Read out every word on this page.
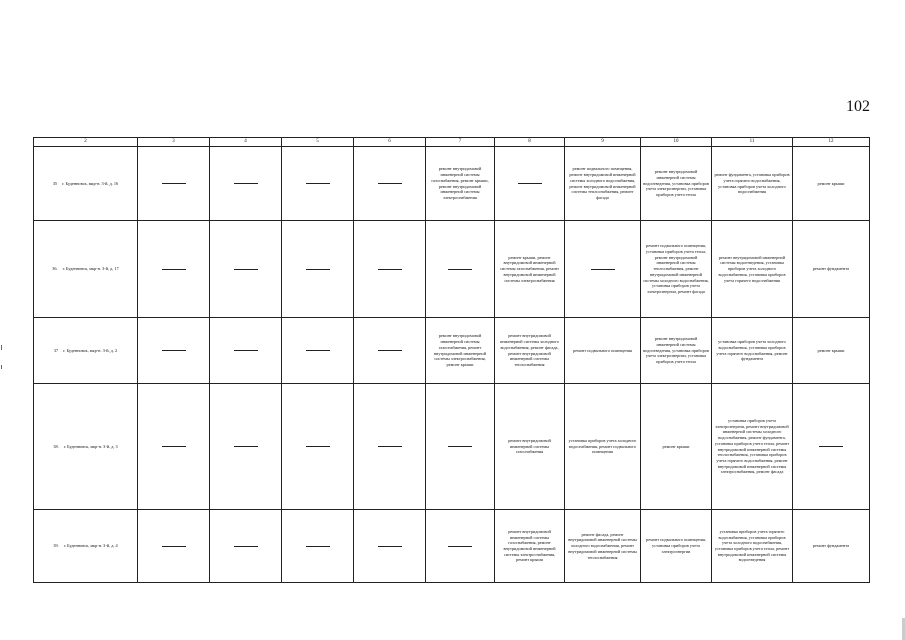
102
2	3	4	5	6	7	8	9	10	11	12
35 г. Буденновск, мкр-н. 3-й, д. 16					ремонт внутридомовой инженерной системы газоснабжения, ремонт крыши, ремонт внутридомовой инженерной системы электроснабжения		ремонт подвального помещения, ремонт внутридомовой инженерной системы холодного водоснабжения, ремонт внутридомовой инженерной системы теплоснабжения, ремонт фасада	ремонт внутридомовой инженерной системы водоотведения, установка приборов учета электроэнергии, установка приборов учета тепла	ремонт фундамента, установка приборов учета горячего водоснабжения, установка приборов учета холодного водоснабжения	ремонт крыши
36. г. Буденновск, мкр-н. 3-й, д. 17						ремонт крыши, ремонт внутридомовой инженерной системы газоснабжения, ремонт внутридомовой инженерной системы электроснабжения		ремонт подвального помещения, установка приборов учета тепла, ремонт внутридомовой инженерной системы теплоснабжения, ремонт внутридомовой инженерной системы холодного водоснабжения, установка приборов учета электроэнергии, ремонт фасада	ремонт внутридомовой инженерной системы водоотведения, установка приборов учета холодного водоснабжения, установка приборов учета горячего водоснабжения	ремонт фундамента
37 г. Буденновск, мкр-н. 3-й, д. 2					ремонт внутридомовой инженерной системы газоснабжения, ремонт внутридомовой инженерной системы электроснабжения, ремонт крыши	ремонт внутридомовой инженерной системы холодного водоснабжения, ремонт фасада, ремонт внутридомовой инженерной системы теплоснабжения	ремонт подвального помещения	ремонт внутридомовой инженерной системы водоотведения, установка приборов учета электроэнергии, установка приборов учета тепла	установка приборов учета холодного водоснабжения, установка приборов учета горячего водоснабжения, ремонт фундамента	ремонт крыши
38. г. Буденновск, мкр-н. 3-й, д. 3						ремонт внутридомовой инженерной системы газоснабжения	установка приборов учета холодного водоснабжения, ремонт подвального помещения	ремонт крыши	установка приборов учета электроэнергии, ремонт внутридомовой инженерной системы холодного водоснабжения, ремонт фундамента, установка приборов учета тепла, ремонт внутридомовой инженерной системы теплоснабжения, установка приборов учета горячего водоснабжения, ремонт внутридомовой инженерной системы электроснабжения, ремонт фасада	
39. г. Буденновск, мкр-н. 3-й, д. 4						ремонт внутридомовой инженерной системы газоснабжения, ремонт внутридомовой инженерной системы электроснабжения, ремонт крыши	ремонт фасада, ремонт внутридомовой инженерной системы холодного водоснабжения, ремонт внутридомовой инженерной системы теплоснабжения	ремонт подвального помещения, установка приборов учета электроэнергии	установка приборов учета горячего водоснабжения, установка приборов учета холодного водоснабжения, установка приборов учета тепла, ремонт внутридомовой инженерной системы водоотведения	ремонт фундамента
